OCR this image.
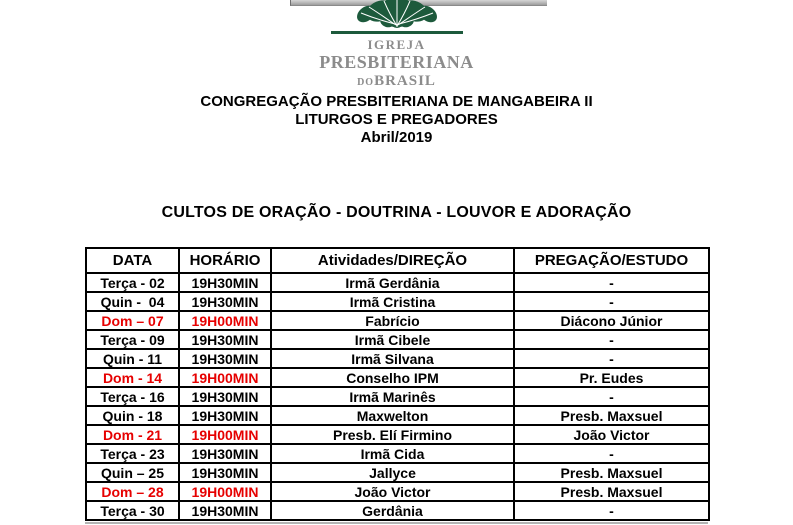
IGREJA
PRESBITERIANA
DOBRASIL
CONGREGAÇÃO PRESBITERIANA DE MANGABEIRA II
LITURGOS E PREGADORES
Abril/2019
CULTOS DE ORAÇÃO - DOUTRINA - LOUVOR E ADORAÇÃO
DATA	HORÁRIO	Atividades/DIREÇÃO	PREGAÇÃO/ESTUDO
Terça - 02	19H30MIN	Irmã Gerdânia	-
Quin -  04	19H30MIN	Irmã Cristina	-
Dom – 07	19H00MIN	Fabrício	Diácono Júnior
Terça - 09	19H30MIN	Irmã Cibele	-
Quin - 11	19H30MIN	Irmã Silvana	-
Dom - 14	19H00MIN	Conselho IPM	Pr. Eudes
Terça - 16	19H30MIN	Irmã Marinês	-
Quin - 18	19H30MIN	Maxwelton	Presb. Maxsuel
Dom - 21	19H00MIN	Presb. Elí Firmino	João Victor
Terça - 23	19H30MIN	Irmã Cida	-
Quin – 25	19H30MIN	Jallyce	Presb. Maxsuel
Dom – 28	19H00MIN	João Victor	Presb. Maxsuel
Terça - 30	19H30MIN	Gerdânia	-
